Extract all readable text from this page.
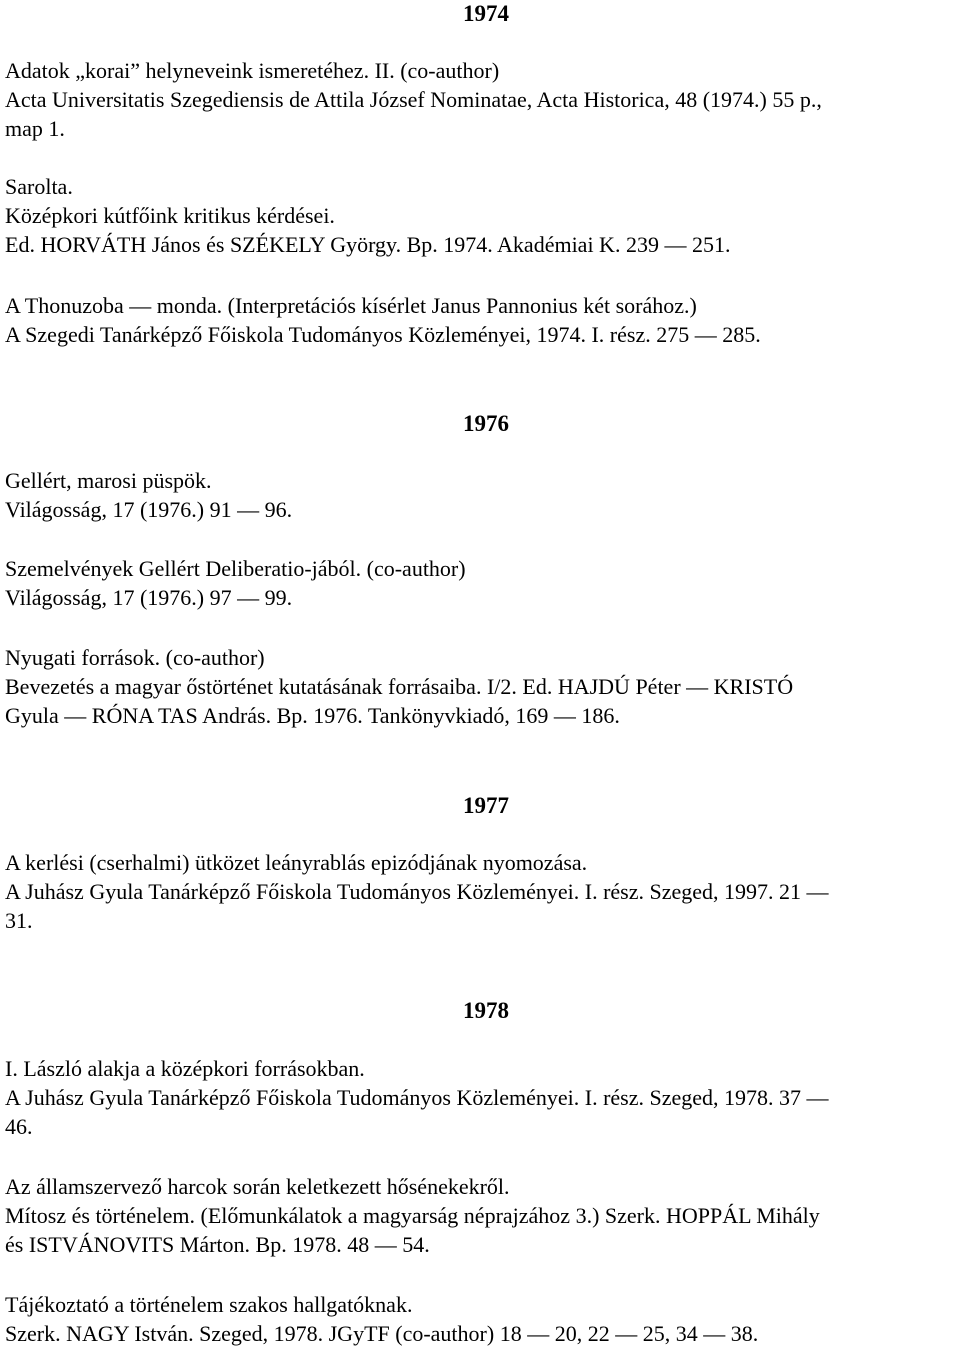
1974

Adatok „korai” helyneveink ismeretéhez. II. (co-author)
Acta Universitatis Szegediensis de Attila József Nominatae, Acta Historica, 48 (1974.) 55 p.,
map 1.

Sarolta.
Középkori kútfőink kritikus kérdései.
Ed. HORVÁTH János és SZÉKELY György. Bp. 1974. Akadémiai K. 239 — 251.

A Thonuzoba — monda. (Interpretációs kísérlet Janus Pannonius két sorához.)
A Szegedi Tanárképző Főiskola Tudományos Közleményei, 1974. I. rész. 275 — 285.

1976

Gellért, marosi püspök.
Világosság, 17 (1976.) 91 — 96.

Szemelvények Gellért Deliberatio-jából. (co-author)
Világosság, 17 (1976.) 97 — 99.

Nyugati források. (co-author)
Bevezetés a magyar őstörténet kutatásának forrásaiba. I/2. Ed. HAJDÚ Péter — KRISTÓ
Gyula — RÓNA TAS András. Bp. 1976. Tankönyvkiadó, 169 — 186.

1977

A kerlési (cserhalmi) ütközet leányrablás epizódjának nyomozása.
A Juhász Gyula Tanárképző Főiskola Tudományos Közleményei. I. rész. Szeged, 1997. 21 —
31.

1978

I. László alakja a középkori forrásokban.
A Juhász Gyula Tanárképző Főiskola Tudományos Közleményei. I. rész. Szeged, 1978. 37 —
46.

Az államszervező harcok során keletkezett hősénekekről.
Mítosz és történelem. (Előmunkálatok a magyarság néprajzához 3.) Szerk. HOPPÁL Mihály
és ISTVÁNOVITS Márton. Bp. 1978. 48 — 54.

Tájékoztató a történelem szakos hallgatóknak.
Szerk. NAGY István. Szeged, 1978. JGyTF (co-author) 18 — 20, 22 — 25, 34 — 38.
